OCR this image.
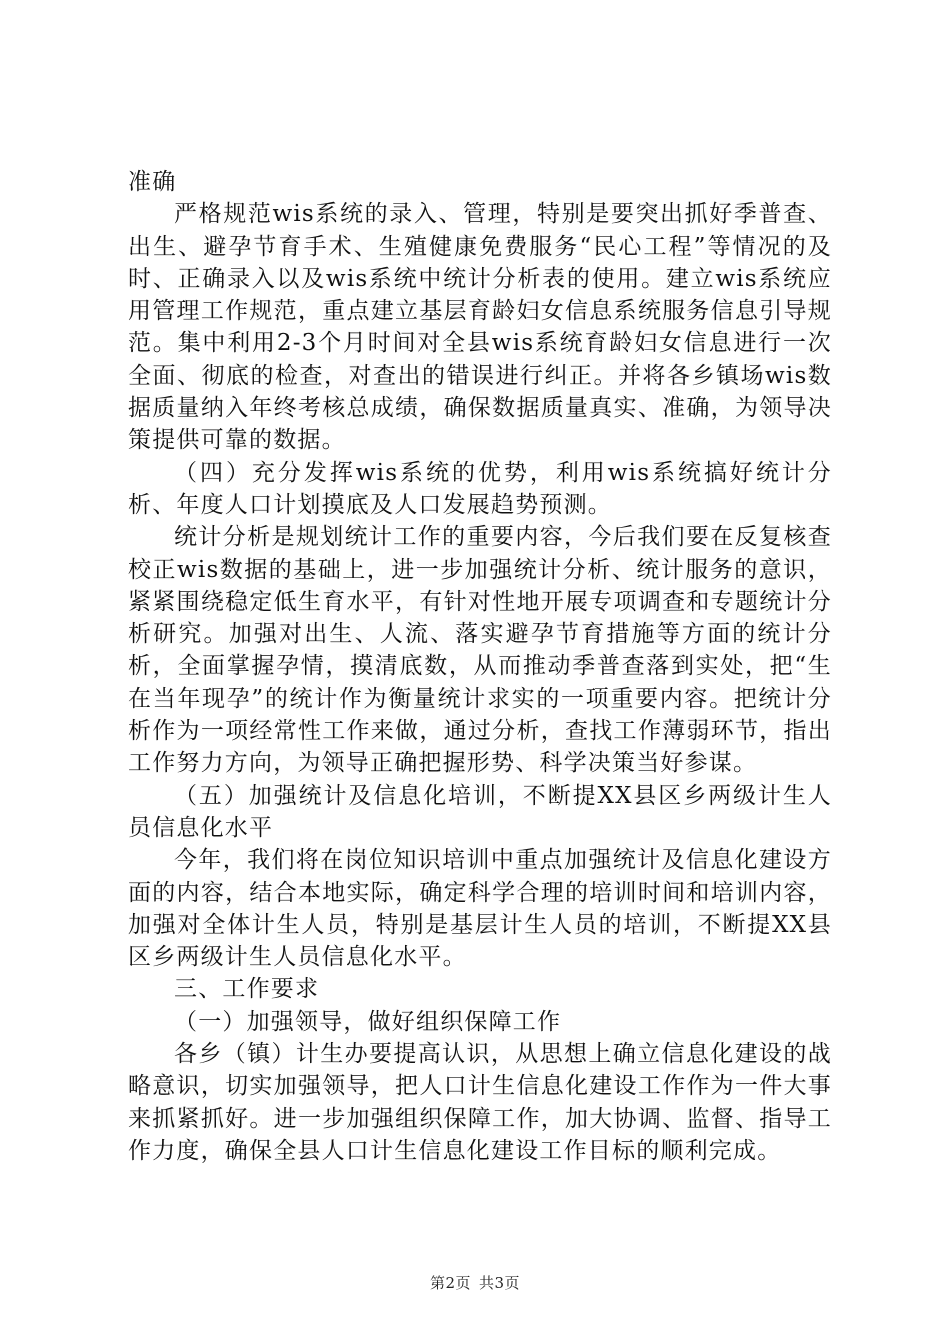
准确

严格规范wis系统的录入、管理，特别是要突出抓好季普查、出生、避孕节育手术、生殖健康免费服务“民心工程”等情况的及时、正确录入以及wis系统中统计分析表的使用。建立wis系统应用管理工作规范，重点建立基层育龄妇女信息系统服务信息引导规范。集中利用2-3个月时间对全县wis系统育龄妇女信息进行一次全面、彻底的检查，对查出的错误进行纠正。并将各乡镇场wis数据质量纳入年终考核总成绩，确保数据质量真实、准确，为领导决策提供可靠的数据。

（四）充分发挥wis系统的优势，利用wis系统搞好统计分析、年度人口计划摸底及人口发展趋势预测。

统计分析是规划统计工作的重要内容，今后我们要在反复核查校正wis数据的基础上，进一步加强统计分析、统计服务的意识，紧紧围绕稳定低生育水平，有针对性地开展专项调查和专题统计分析研究。加强对出生、人流、落实避孕节育措施等方面的统计分析，全面掌握孕情，摸清底数，从而推动季普查落到实处，把“生在当年现孕”的统计作为衡量统计求实的一项重要内容。把统计分析作为一项经常性工作来做，通过分析，查找工作薄弱环节，指出工作努力方向，为领导正确把握形势、科学决策当好参谋。

（五）加强统计及信息化培训，不断提XX县区乡两级计生人员信息化水平

今年，我们将在岗位知识培训中重点加强统计及信息化建设方面的内容，结合本地实际，确定科学合理的培训时间和培训内容，加强对全体计生人员，特别是基层计生人员的培训，不断提XX县区乡两级计生人员信息化水平。

三、工作要求

（一）加强领导，做好组织保障工作

各乡（镇）计生办要提高认识，从思想上确立信息化建设的战略意识，切实加强领导，把人口计生信息化建设工作作为一件大事来抓紧抓好。进一步加强组织保障工作，加大协调、监督、指导工作力度，确保全县人口计生信息化建设工作目标的顺利完成。

第2页 共3页
